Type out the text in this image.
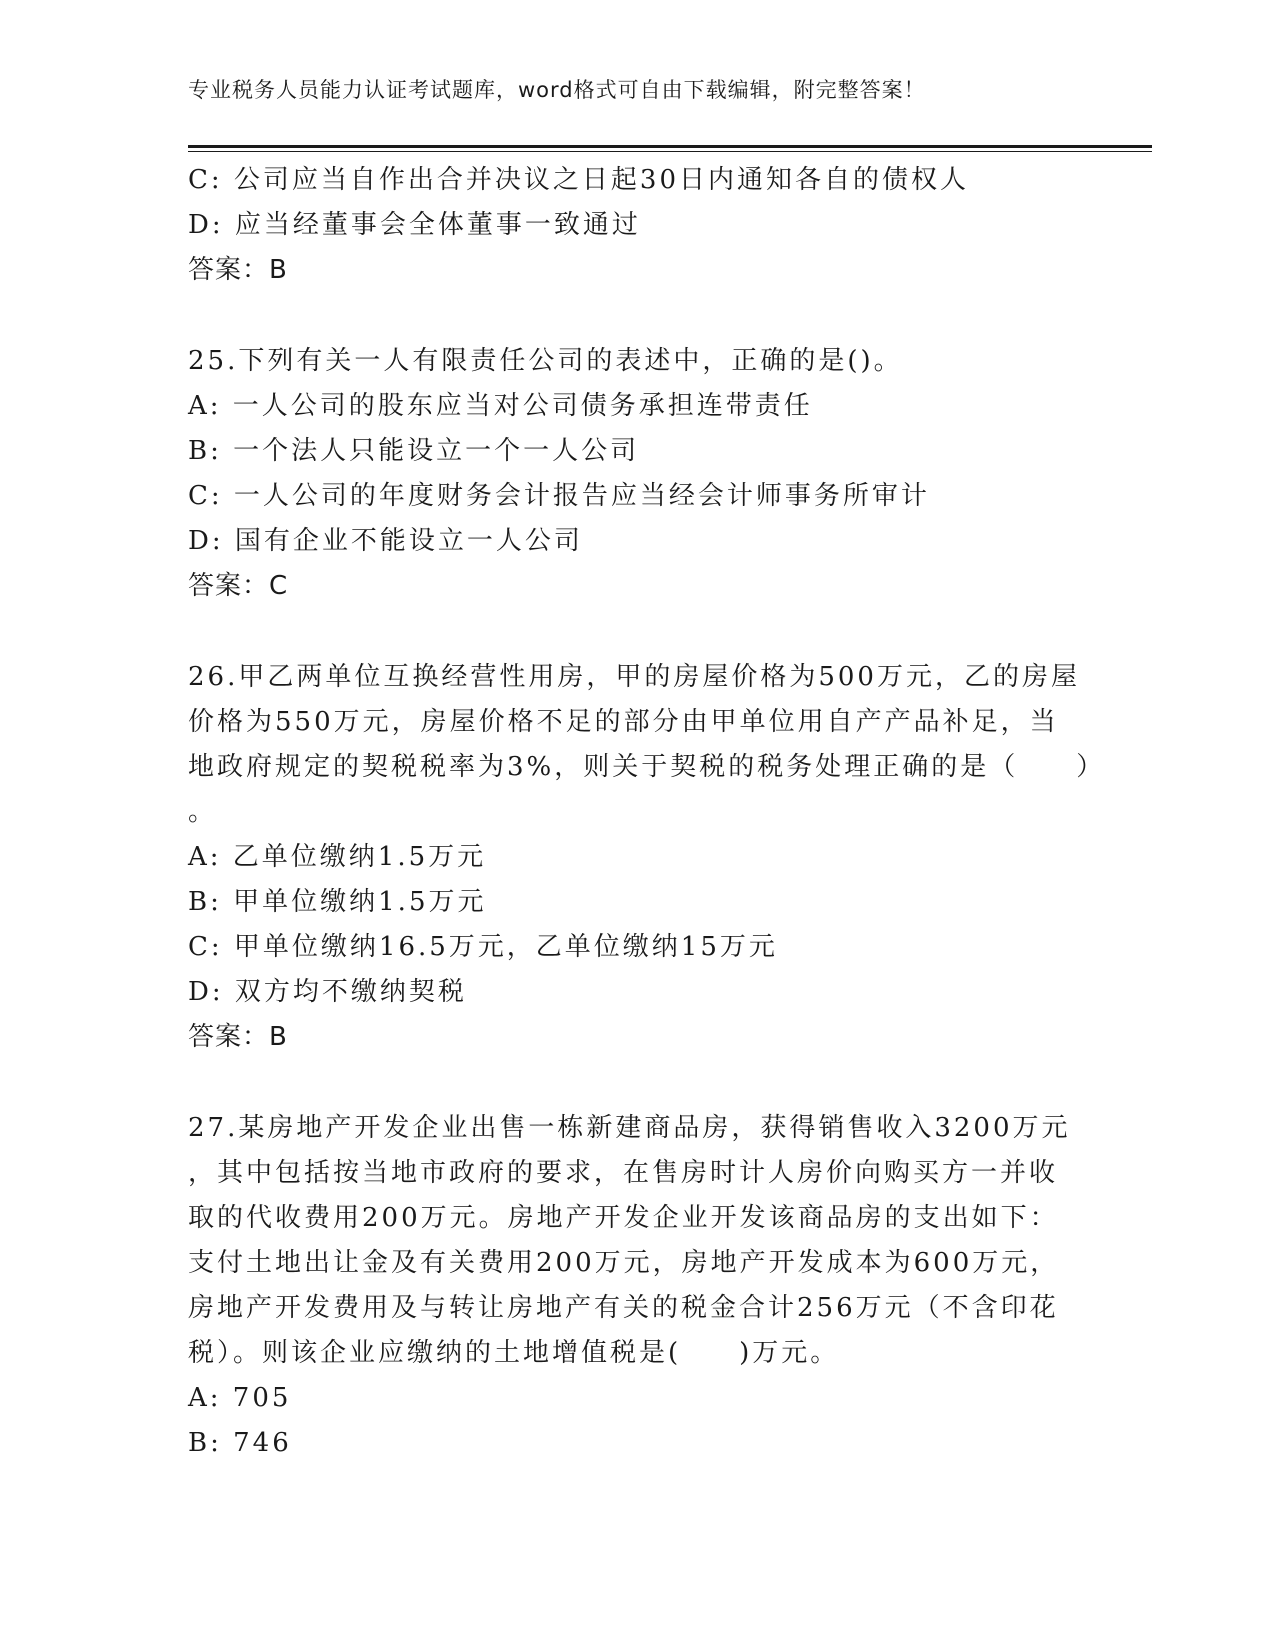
专业税务人员能力认证考试题库，word格式可自由下载编辑，附完整答案！
C: 公司应当自作出合并决议之日起30日内通知各自的债权人
D: 应当经董事会全体董事一致通过
答案：B
25.下列有关一人有限责任公司的表述中，正确的是()。
A: 一人公司的股东应当对公司债务承担连带责任
B: 一个法人只能设立一个一人公司
C: 一人公司的年度财务会计报告应当经会计师事务所审计
D: 国有企业不能设立一人公司
答案：C
26.甲乙两单位互换经营性用房，甲的房屋价格为500万元，乙的房屋
价格为550万元，房屋价格不足的部分由甲单位用自产产品补足，当
地政府规定的契税税率为3%，则关于契税的税务处理正确的是（　　）
。
A: 乙单位缴纳1.5万元
B: 甲单位缴纳1.5万元
C: 甲单位缴纳16.5万元，乙单位缴纳15万元
D: 双方均不缴纳契税
答案：B
27.某房地产开发企业出售一栋新建商品房，获得销售收入3200万元
，其中包括按当地市政府的要求，在售房时计人房价向购买方一并收
取的代收费用200万元。房地产开发企业开发该商品房的支出如下：
支付土地出让金及有关费用200万元，房地产开发成本为600万元，
房地产开发费用及与转让房地产有关的税金合计256万元（不含印花
税）。则该企业应缴纳的土地增值税是(　　)万元。
A: 705
B: 746
